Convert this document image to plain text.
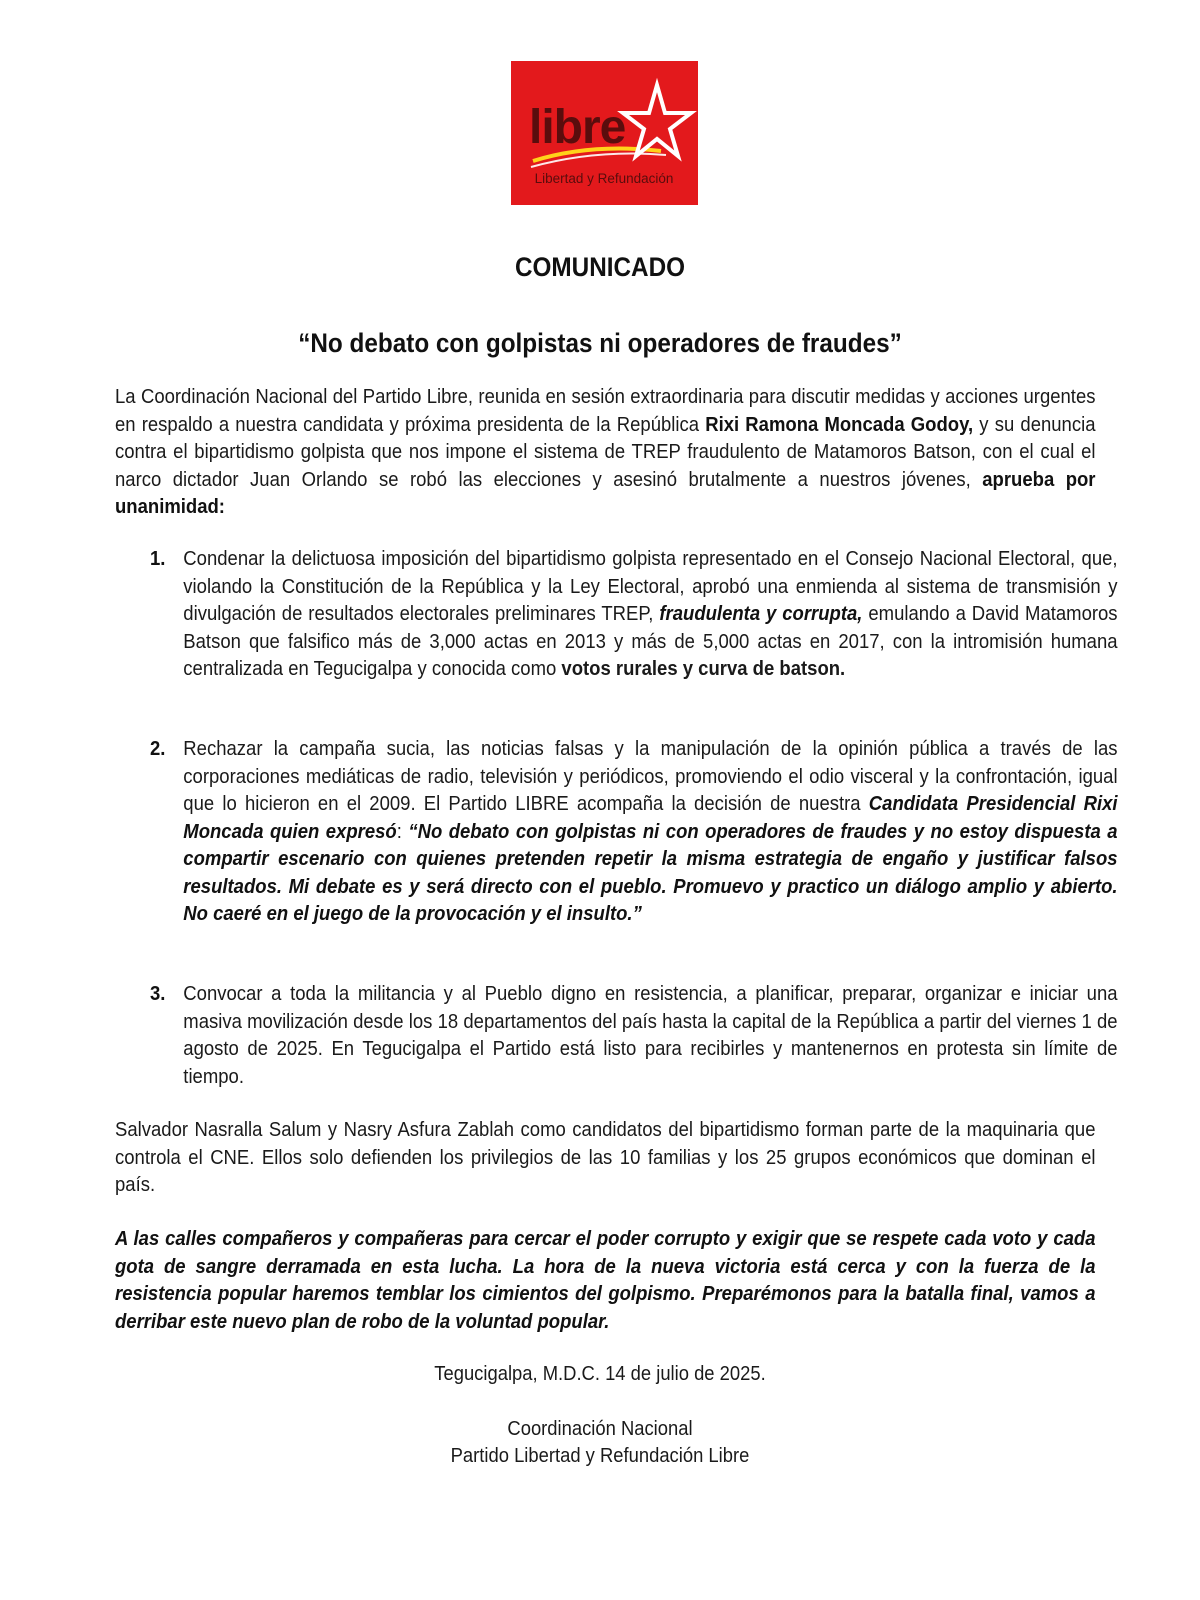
libre
Libertad y Refundación
COMUNICADO
“No debato con golpistas ni operadores de fraudes”
La Coordinación Nacional del Partido Libre, reunida en sesión extraordinaria para discutir medidas y acciones urgentes en respaldo a nuestra candidata y próxima presidenta de la República Rixi Ramona Moncada Godoy, y su denuncia contra el bipartidismo golpista que nos impone el sistema de TREP fraudulento de Matamoros Batson, con el cual el narco dictador Juan Orlando se robó las elecciones y asesinó brutalmente a nuestros jóvenes, aprueba por unanimidad:
1. Condenar la delictuosa imposición del bipartidismo golpista representado en el Consejo Nacional Electoral, que, violando la Constitución de la República y la Ley Electoral, aprobó una enmienda al sistema de transmisión y divulgación de resultados electorales preliminares TREP, fraudulenta y corrupta, emulando a David Matamoros Batson que falsifico más de 3,000 actas en 2013 y más de 5,000 actas en 2017, con la intromisión humana centralizada en Tegucigalpa y conocida como votos rurales y curva de batson.
2. Rechazar la campaña sucia, las noticias falsas y la manipulación de la opinión pública a través de las corporaciones mediáticas de radio, televisión y periódicos, promoviendo el odio visceral y la confrontación, igual que lo hicieron en el 2009. El Partido LIBRE acompaña la decisión de nuestra Candidata Presidencial Rixi Moncada quien expresó: “No debato con golpistas ni con operadores de fraudes y no estoy dispuesta a compartir escenario con quienes pretenden repetir la misma estrategia de engaño y justificar falsos resultados. Mi debate es y será directo con el pueblo. Promuevo y practico un diálogo amplio y abierto. No caeré en el juego de la provocación y el insulto.”
3. Convocar a toda la militancia y al Pueblo digno en resistencia, a planificar, preparar, organizar e iniciar una masiva movilización desde los 18 departamentos del país hasta la capital de la República a partir del viernes 1 de agosto de 2025. En Tegucigalpa el Partido está listo para recibirles y mantenernos en protesta sin límite de tiempo.
Salvador Nasralla Salum y Nasry Asfura Zablah como candidatos del bipartidismo forman parte de la maquinaria que controla el CNE. Ellos solo defienden los privilegios de las 10 familias y los 25 grupos económicos que dominan el país.
A las calles compañeros y compañeras para cercar el poder corrupto y exigir que se respete cada voto y cada gota de sangre derramada en esta lucha. La hora de la nueva victoria está cerca y con la fuerza de la resistencia popular haremos temblar los cimientos del golpismo. Preparémonos para la batalla final, vamos a derribar este nuevo plan de robo de la voluntad popular.
Tegucigalpa, M.D.C. 14 de julio de 2025.
Coordinación Nacional
Partido Libertad y Refundación Libre
